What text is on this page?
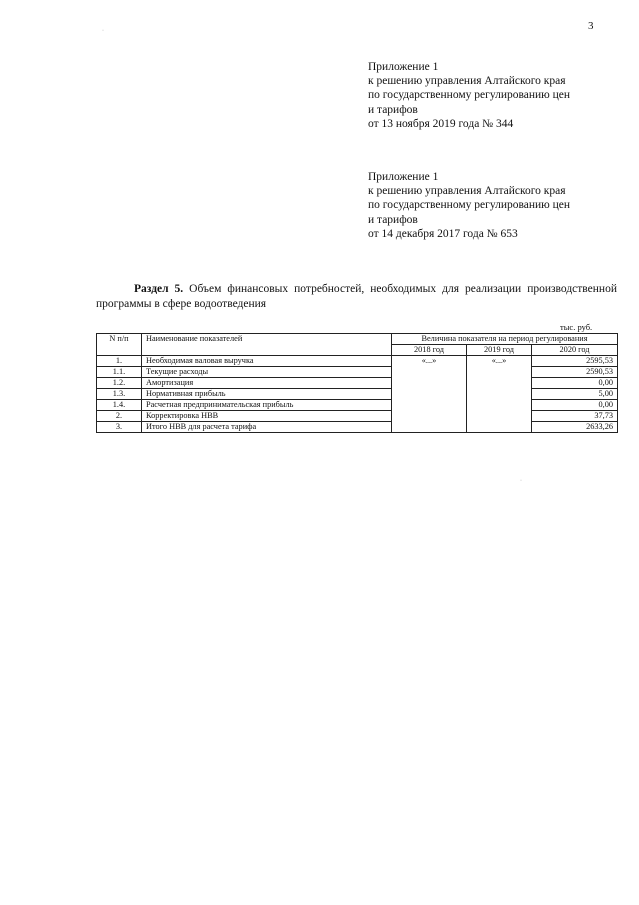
3
Приложение 1
к решению управления Алтайского края
по государственному регулированию цен
и тарифов
от 13 ноября 2019 года № 344
Приложение 1
к решению управления Алтайского края
по государственному регулированию цен
и тарифов
от 14 декабря 2017 года № 653
Раздел 5. Объем финансовых потребностей, необходимых для реализации производственной программы в сфере водоотведения
тыс. руб.
N п/п	Наименование показателей	Величина показателя на период регулирования		
		2018 год	2019 год	2020 год
1.	Необходимая валовая выручка	«...»	«...»	2595,53
1.1.	Текущие расходы			2590,53
1.2.	Амортизация			0,00
1.3.	Нормативная прибыль			5,00
1.4.	Расчетная предпринимательская прибыль			0,00
2.	Корректировка НВВ			37,73
3.	Итого НВВ для расчета тарифа			2633,26
·
·
